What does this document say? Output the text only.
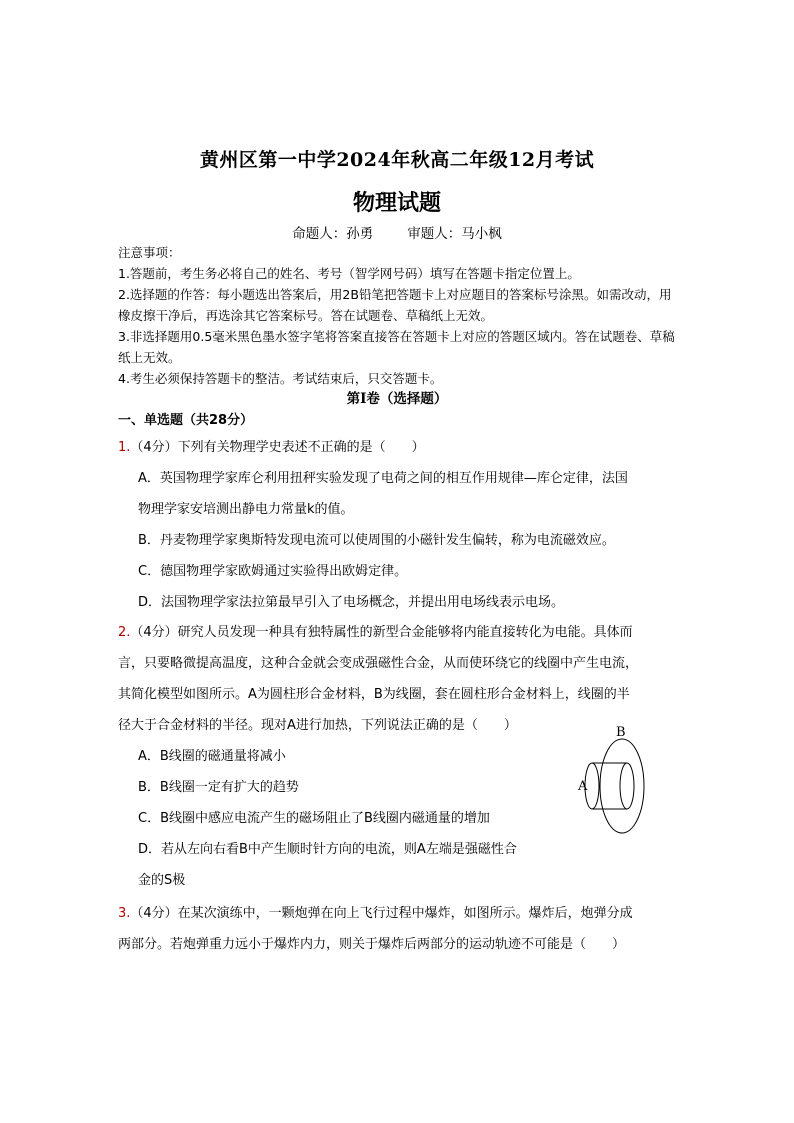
黄州区第一中学2024年秋高二年级12月考试
物理试题
命题人：孙勇	审题人：马小枫
注意事项：
1.答题前，考生务必将自己的姓名、考号（智学网号码）填写在答题卡指定位置上。
2.选择题的作答：每小题选出答案后，用2B铅笔把答题卡上对应题目的答案标号涂黑。如需改动，用橡皮擦干净后，再选涂其它答案标号。答在试题卷、草稿纸上无效。
3.非选择题用0.5毫米黑色墨水签字笔将答案直接答在答题卡上对应的答题区域内。答在试题卷、草稿纸上无效。
4.考生必须保持答题卡的整洁。考试结束后，只交答题卡。
第Ⅰ卷（选择题）
一、单选题（共28分）
1.（4分）下列有关物理学史表述不正确的是（　　）
A．英国物理学家库仑利用扭秤实验发现了电荷之间的相互作用规律—库仑定律，法国
物理学家安培测出静电力常量k的值。
B．丹麦物理学家奥斯特发现电流可以使周围的小磁针发生偏转，称为电流磁效应。
C．德国物理学家欧姆通过实验得出欧姆定律。
D．法国物理学家法拉第最早引入了电场概念，并提出用电场线表示电场。
2.（4分）研究人员发现一种具有独特属性的新型合金能够将内能直接转化为电能。具体而
言，只要略微提高温度，这种合金就会变成强磁性合金，从而使环绕它的线圈中产生电流，
其简化模型如图所示。A为圆柱形合金材料，B为线圈，套在圆柱形合金材料上，线圈的半
径大于合金材料的半径。现对A进行加热，下列说法正确的是（　　）
A．B线圈的磁通量将减小
B．B线圈一定有扩大的趋势
C．B线圈中感应电流产生的磁场阻止了B线圈内磁通量的增加
D．若从左向右看B中产生顺时针方向的电流，则A左端是强磁性合
金的S极
A
B
3.（4分）在某次演练中，一颗炮弹在向上飞行过程中爆炸，如图所示。爆炸后，炮弹分成
两部分。若炮弹重力远小于爆炸内力，则关于爆炸后两部分的运动轨迹不可能是（　　）
